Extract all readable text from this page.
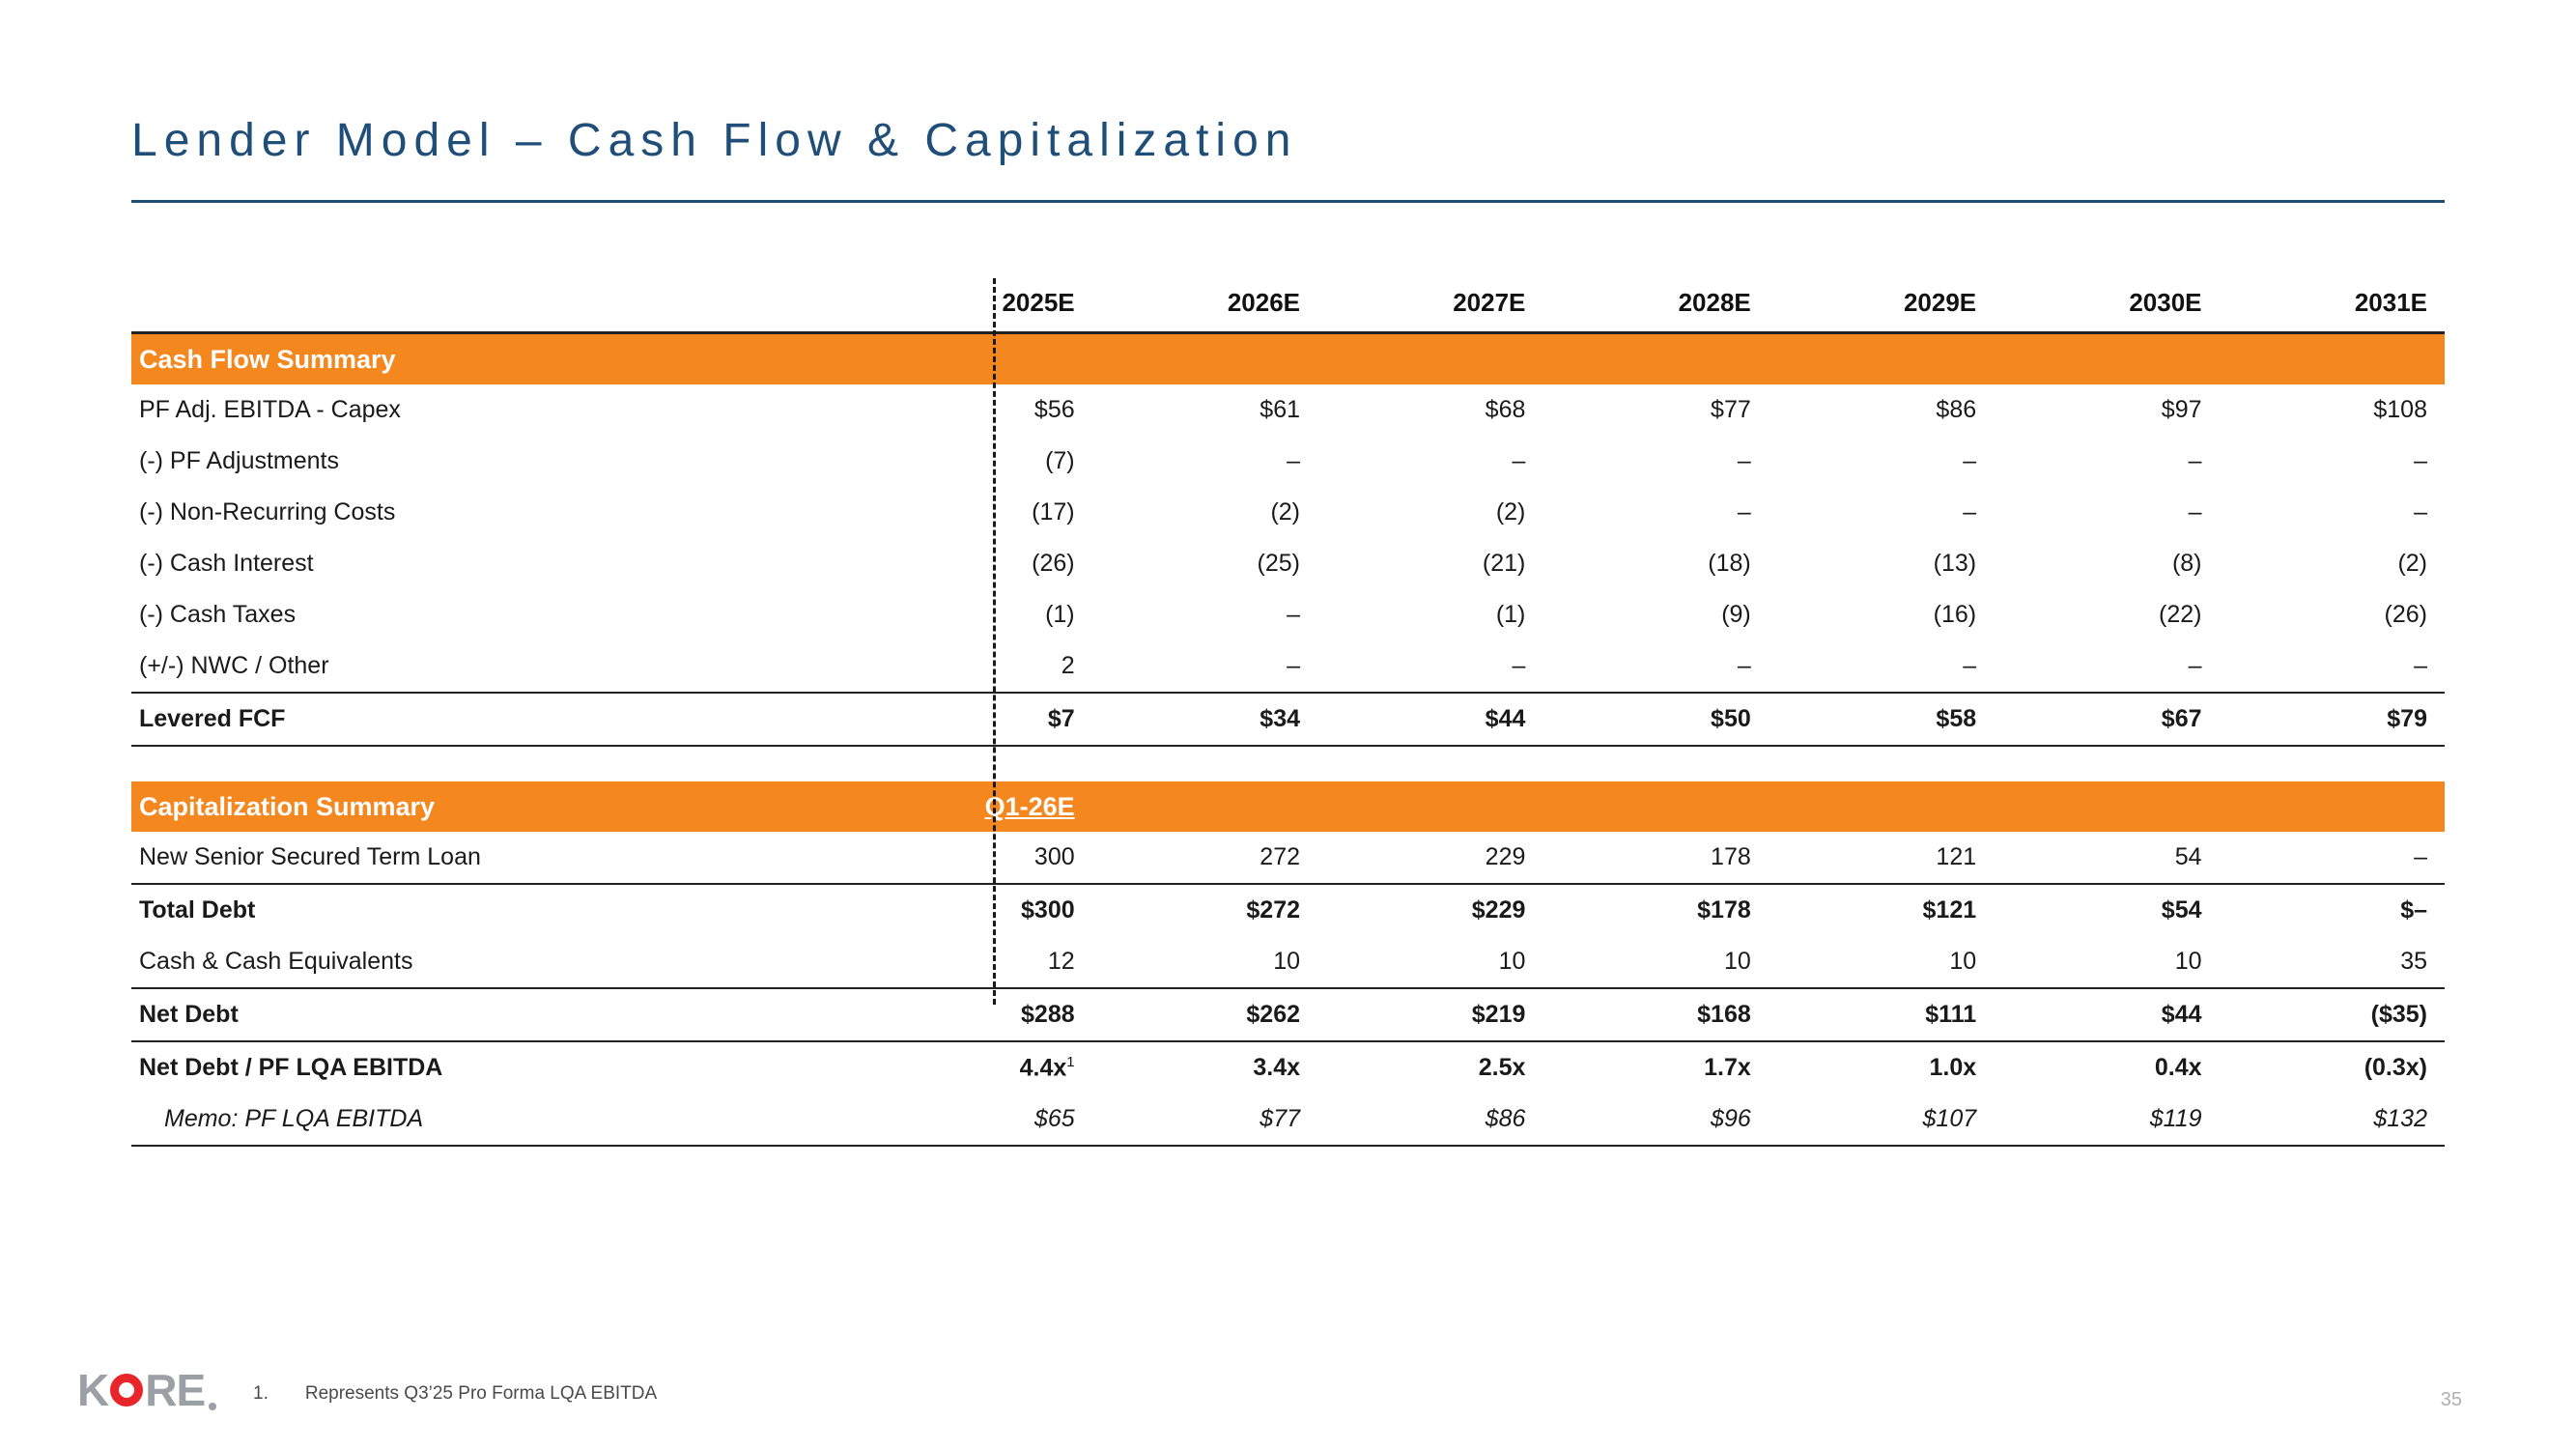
Lender Model – Cash Flow & Capitalization
	2025E	2026E	2027E	2028E	2029E	2030E	2031E
Cash Flow Summary							
PF Adj. EBITDA - Capex	$56	$61	$68	$77	$86	$97	$108
(-) PF Adjustments	(7)	–	–	–	–	–	–
(-) Non-Recurring Costs	(17)	(2)	(2)	–	–	–	–
(-) Cash Interest	(26)	(25)	(21)	(18)	(13)	(8)	(2)
(-) Cash Taxes	(1)	–	(1)	(9)	(16)	(22)	(26)
(+/-) NWC / Other	2	–	–	–	–	–	–
Levered FCF	$7	$34	$44	$50	$58	$67	$79

Capitalization Summary	Q1-26E						
New Senior Secured Term Loan	300	272	229	178	121	54	–
Total Debt	$300	$272	$229	$178	$121	$54	$–
Cash & Cash Equivalents	12	10	10	10	10	10	35
Net Debt	$288	$262	$219	$168	$111	$44	($35)
Net Debt / PF LQA EBITDA	$4.4x^1$	3.4x	2.5x	1.7x	1.0x	0.4x	(0.3x)
Memo: PF LQA EBITDA	$65	$77	$86	$96	$107	$119	$132
1. Represents Q3’25 Pro Forma LQA EBITDA
K RE	35
